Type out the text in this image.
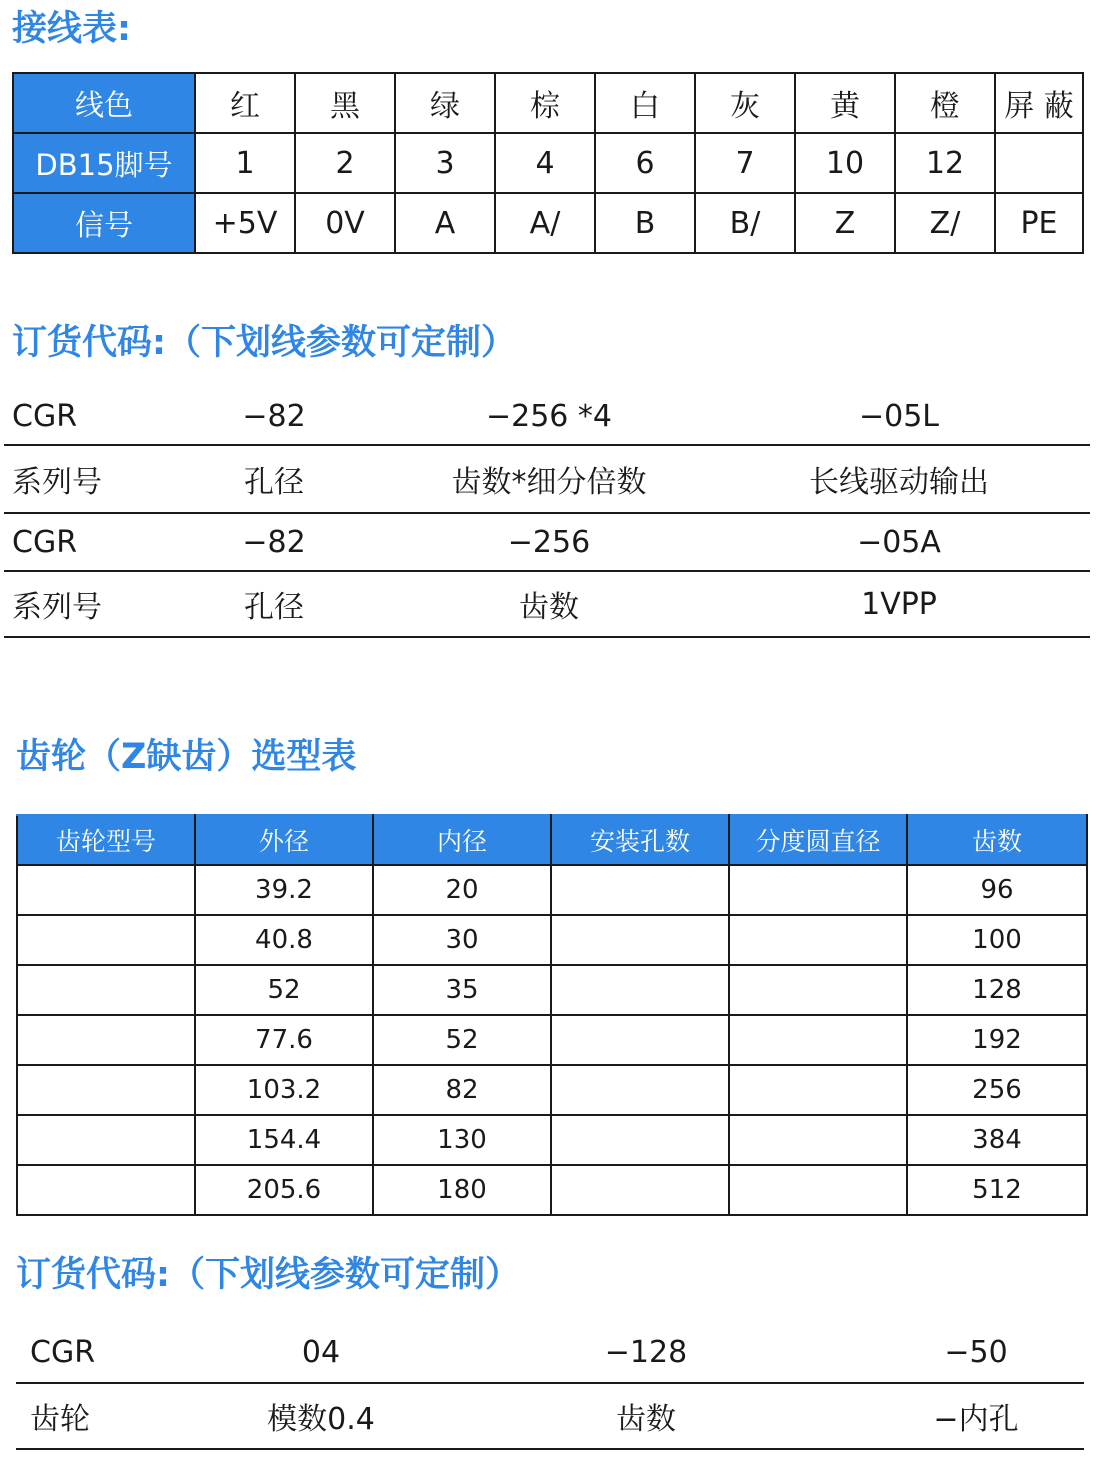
接线表:
线色	红	黑	绿	棕	白	灰	黄	橙	屏 蔽
DB15脚号	1	2	3	4	6	7	10	12	
信号	+5V	0V	A	A/	B	B/	Z	Z/	PE
订货代码:（下划线参数可定制）
CGR	−82	−256 *4	−05L
系列号	孔径	齿数*细分倍数	长线驱动输出
CGR	−82	−256	−05A
系列号	孔径	齿数	1VPP
齿轮（Z缺齿）选型表
齿轮型号	外径	内径	安装孔数	分度圆直径	齿数
	39.2	20			96
	40.8	30			100
	52	35			128
	77.6	52			192
	103.2	82			256
	154.4	130			384
	205.6	180			512
订货代码:（下划线参数可定制）
CGR	04	−128	−50
齿轮	模数0.4	齿数	−内孔
